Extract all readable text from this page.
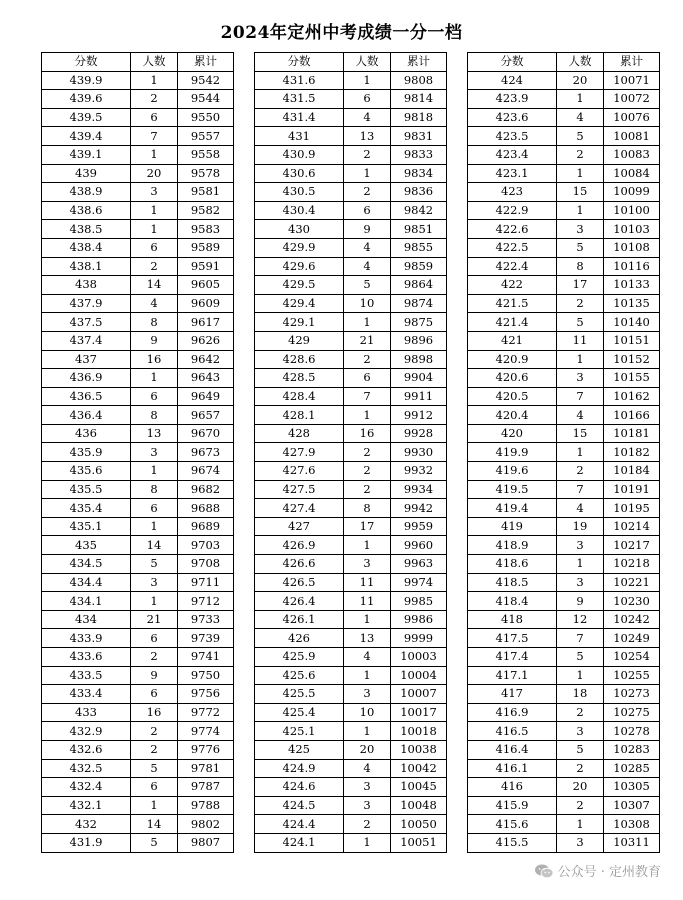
2024年定州中考成绩一分一档
分数	人数	累计
439.9	1	9542
439.6	2	9544
439.5	6	9550
439.4	7	9557
439.1	1	9558
439	20	9578
438.9	3	9581
438.6	1	9582
438.5	1	9583
438.4	6	9589
438.1	2	9591
438	14	9605
437.9	4	9609
437.5	8	9617
437.4	9	9626
437	16	9642
436.9	1	9643
436.5	6	9649
436.4	8	9657
436	13	9670
435.9	3	9673
435.6	1	9674
435.5	8	9682
435.4	6	9688
435.1	1	9689
435	14	9703
434.5	5	9708
434.4	3	9711
434.1	1	9712
434	21	9733
433.9	6	9739
433.6	2	9741
433.5	9	9750
433.4	6	9756
433	16	9772
432.9	2	9774
432.6	2	9776
432.5	5	9781
432.4	6	9787
432.1	1	9788
432	14	9802
431.9	5	9807
分数	人数	累计
431.6	1	9808
431.5	6	9814
431.4	4	9818
431	13	9831
430.9	2	9833
430.6	1	9834
430.5	2	9836
430.4	6	9842
430	9	9851
429.9	4	9855
429.6	4	9859
429.5	5	9864
429.4	10	9874
429.1	1	9875
429	21	9896
428.6	2	9898
428.5	6	9904
428.4	7	9911
428.1	1	9912
428	16	9928
427.9	2	9930
427.6	2	9932
427.5	2	9934
427.4	8	9942
427	17	9959
426.9	1	9960
426.6	3	9963
426.5	11	9974
426.4	11	9985
426.1	1	9986
426	13	9999
425.9	4	10003
425.6	1	10004
425.5	3	10007
425.4	10	10017
425.1	1	10018
425	20	10038
424.9	4	10042
424.6	3	10045
424.5	3	10048
424.4	2	10050
424.1	1	10051
分数	人数	累计
424	20	10071
423.9	1	10072
423.6	4	10076
423.5	5	10081
423.4	2	10083
423.1	1	10084
423	15	10099
422.9	1	10100
422.6	3	10103
422.5	5	10108
422.4	8	10116
422	17	10133
421.5	2	10135
421.4	5	10140
421	11	10151
420.9	1	10152
420.6	3	10155
420.5	7	10162
420.4	4	10166
420	15	10181
419.9	1	10182
419.6	2	10184
419.5	7	10191
419.4	4	10195
419	19	10214
418.9	3	10217
418.6	1	10218
418.5	3	10221
418.4	9	10230
418	12	10242
417.5	7	10249
417.4	5	10254
417.1	1	10255
417	18	10273
416.9	2	10275
416.5	3	10278
416.4	5	10283
416.1	2	10285
416	20	10305
415.9	2	10307
415.6	1	10308
415.5	3	10311
公众号 · 定州教育
